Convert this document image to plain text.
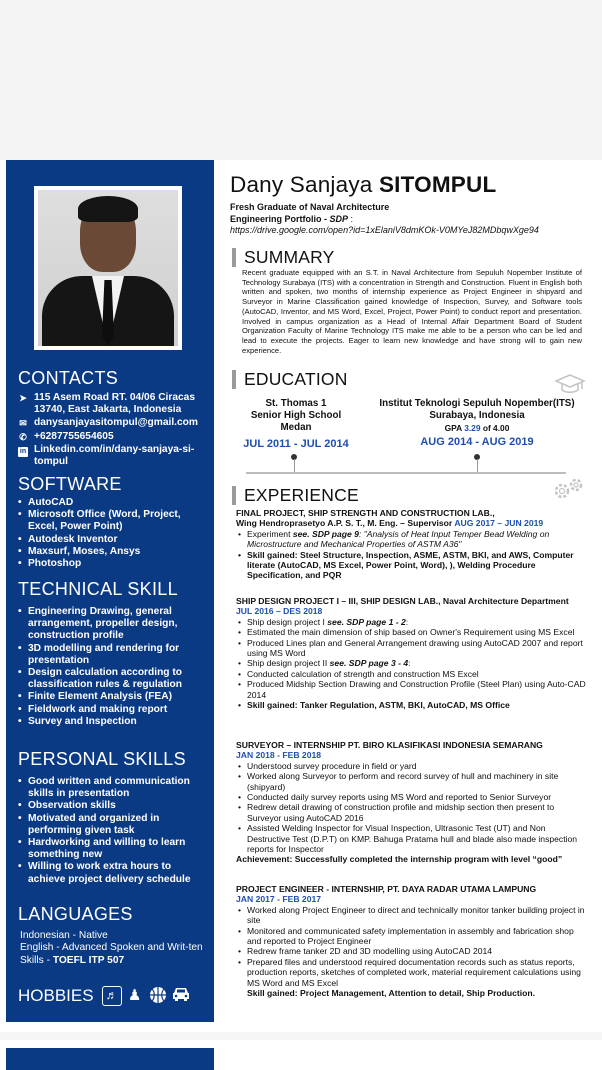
CONTACTS
➤ 115 Asem Road RT. 04/06 Ciracas 13740, East Jakarta, Indonesia
✉ danysanjayasitompul@gmail.com
✆ +6287755654605
in Linkedin.com/in/dany-sanjaya-si-tompul
SOFTWARE
• AutoCAD
• Microsoft Office (Word, Project, Excel, Power Point)
• Autodesk Inventor
• Maxsurf, Moses, Ansys
• Photoshop
TECHNICAL SKILL
• Engineering Drawing, general arrangement, propeller design, construction profile
• 3D modelling and rendering for presentation
• Design calculation according to classification rules & regulation
• Finite Element Analysis (FEA)
• Fieldwork and making report
• Survey and Inspection
PERSONAL SKILLS
• Good written and communication skills in presentation
• Observation skills
• Motivated and organized in performing given task
• Hardworking and willing to learn something new
• Willing to work extra hours to achieve project delivery schedule
LANGUAGES
Indonesian - Native
English - Advanced Spoken and Writ-ten Skills - TOEFL ITP 507
HOBBIES	♬ ♟
Dany Sanjaya SITOMPUL
Fresh Graduate of Naval Architecture
Engineering Portfolio - SDP :
https://drive.google.com/open?id=1xElaniV8dmKOk-V0MYeJ82MDbqwXge94
SUMMARY
Recent graduate equipped with an S.T. in Naval Architecture from Sepuluh Nopember Institute of Technology Surabaya (ITS) with a concentration in Strength and Construction. Fluent in English both written and spoken, two months of internship experience as Project Engineer in shipyard and Surveyor in Marine Classification gained knowledge of Inspection, Survey, and Software tools (AutoCAD, Inventor, and MS Word, Excel, Project, Power Point) to conduct report and presentation. Involved in campus organization as a Head of Internal Affair Department Board of Student Organization Faculty of Marine Technology ITS make me able to be a person who can be led and lead to execute the projects. Eager to learn new knowledge and have strong will to gain new experience.
EDUCATION
St. Thomas 1
Senior High School
Medan
JUL 2011 - JUL 2014
Institut Teknologi Sepuluh Nopember(ITS)
Surabaya, Indonesia
GPA 3.29 of 4.00
AUG 2014 - AUG 2019
EXPERIENCE
FINAL PROJECT, SHIP STRENGTH AND CONSTRUCTION LAB.,
Wing Hendroprasetyo A.P. S. T., M. Eng. – Supervisor AUG 2017 – JUN 2019
• Experiment see. SDP page 9: "Analysis of Heat Input Temper Bead Welding on Microstructure and Mechanical Properties of ASTM A36"
• Skill gained: Steel Structure, Inspection, ASME, ASTM, BKI, and AWS, Computer literate (AutoCAD, MS Excel, Power Point, Word), ), Welding Procedure Specification, and PQR
SHIP DESIGN PROJECT I – III, SHIP DESIGN LAB., Naval Architecture Department
JUL 2016 – DES 2018
• Ship design project I see. SDP page 1 - 2:
• Estimated the main dimension of ship based on Owner's Requirement using MS Excel
• Produced Lines plan and General Arrangement drawing using AutoCAD 2007 and report using MS Word
• Ship design project II see. SDP page 3 - 4:
• Conducted calculation of strength and construction MS Excel
• Produced Midship Section Drawing and Construction Profile (Steel Plan) using Auto-CAD 2014
• Skill gained: Tanker Regulation, ASTM, BKI, AutoCAD, MS Office
SURVEYOR – INTERNSHIP PT. BIRO KLASIFIKASI INDONESIA SEMARANG
JAN 2018 - FEB 2018
• Understood survey procedure in field or yard
• Worked along Surveyor to perform and record survey of hull and machinery in site (shipyard)
• Conducted daily survey reports using MS Word and reported to Senior Surveyor
• Redrew detail drawing of construction profile and midship section then present to Surveyor using AutoCAD 2016
• Assisted Welding Inspector for Visual Inspection, Ultrasonic Test (UT) and Non Destructive Test (D.P.T) on KMP. Bahuga Pratama hull and blade also made inspection reports for Inspector
Achievement: Successfully completed the internship program with level “good”
PROJECT ENGINEER - INTERNSHIP, PT. DAYA RADAR UTAMA LAMPUNG
JAN 2017 - FEB 2017
• Worked along Project Engineer to direct and technically monitor tanker building project in site
• Monitored and communicated safety implementation in assembly and fabrication shop and reported to Project Engineer
• Redrew frame tanker 2D and 3D modelling using AutoCAD 2014
• Prepared files and understood required documentation records such as status reports, production reports, sketches of completed work, material requirement calculations using MS Word and MS Excel
Skill gained: Project Management, Attention to detail, Ship Production.
